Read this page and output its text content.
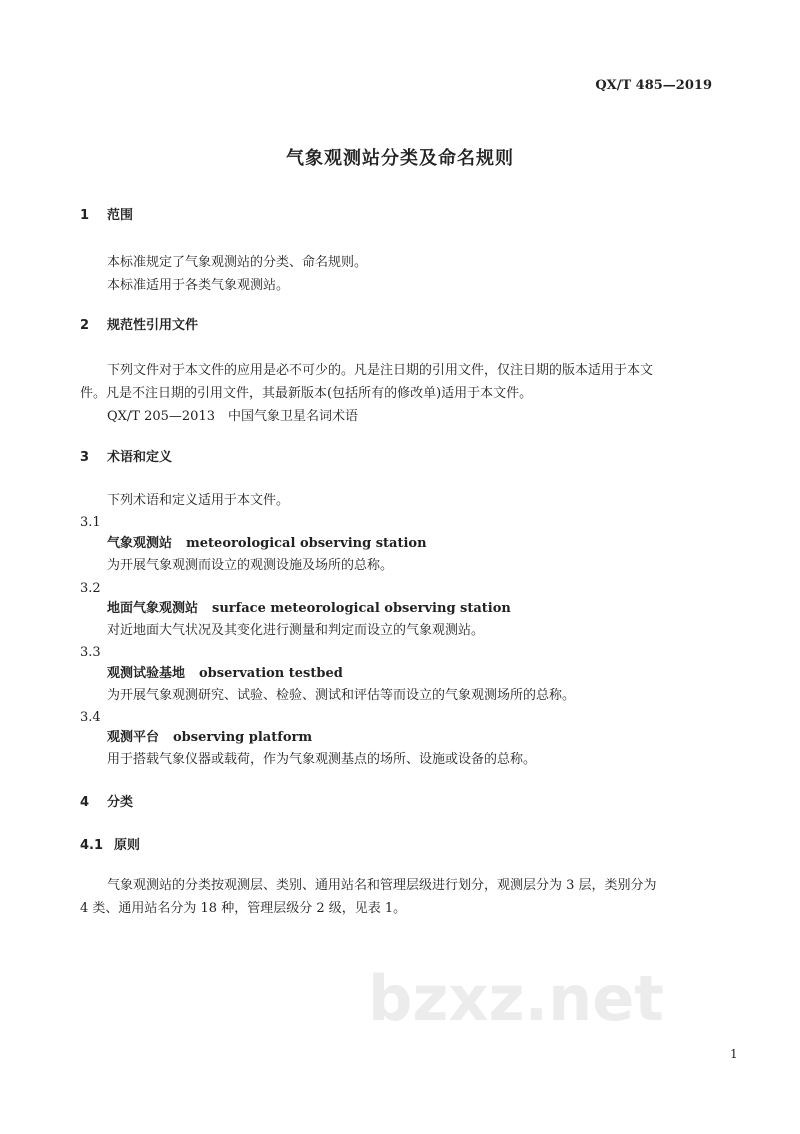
QX/T 485—2019
气象观测站分类及命名规则
1 范围
本标准规定了气象观测站的分类、命名规则。
本标准适用于各类气象观测站。
2 规范性引用文件
下列文件对于本文件的应用是必不可少的。凡是注日期的引用文件，仅注日期的版本适用于本文
件。凡是不注日期的引用文件，其最新版本(包括所有的修改单)适用于本文件。
QX/T 205—2013　中国气象卫星名词术语
3 术语和定义
下列术语和定义适用于本文件。
3.1
气象观测站 meteorological observing station
为开展气象观测而设立的观测设施及场所的总称。
3.2
地面气象观测站 surface meteorological observing station
对近地面大气状况及其变化进行测量和判定而设立的气象观测站。
3.3
观测试验基地 observation testbed
为开展气象观测研究、试验、检验、测试和评估等而设立的气象观测场所的总称。
3.4
观测平台 observing platform
用于搭载气象仪器或载荷，作为气象观测基点的场所、设施或设备的总称。
4 分类
4.1 原则
气象观测站的分类按观测层、类别、通用站名和管理层级进行划分，观测层分为 3 层，类别分为
4 类、通用站名分为 18 种，管理层级分 2 级，见表 1。
bzxz.net
1
